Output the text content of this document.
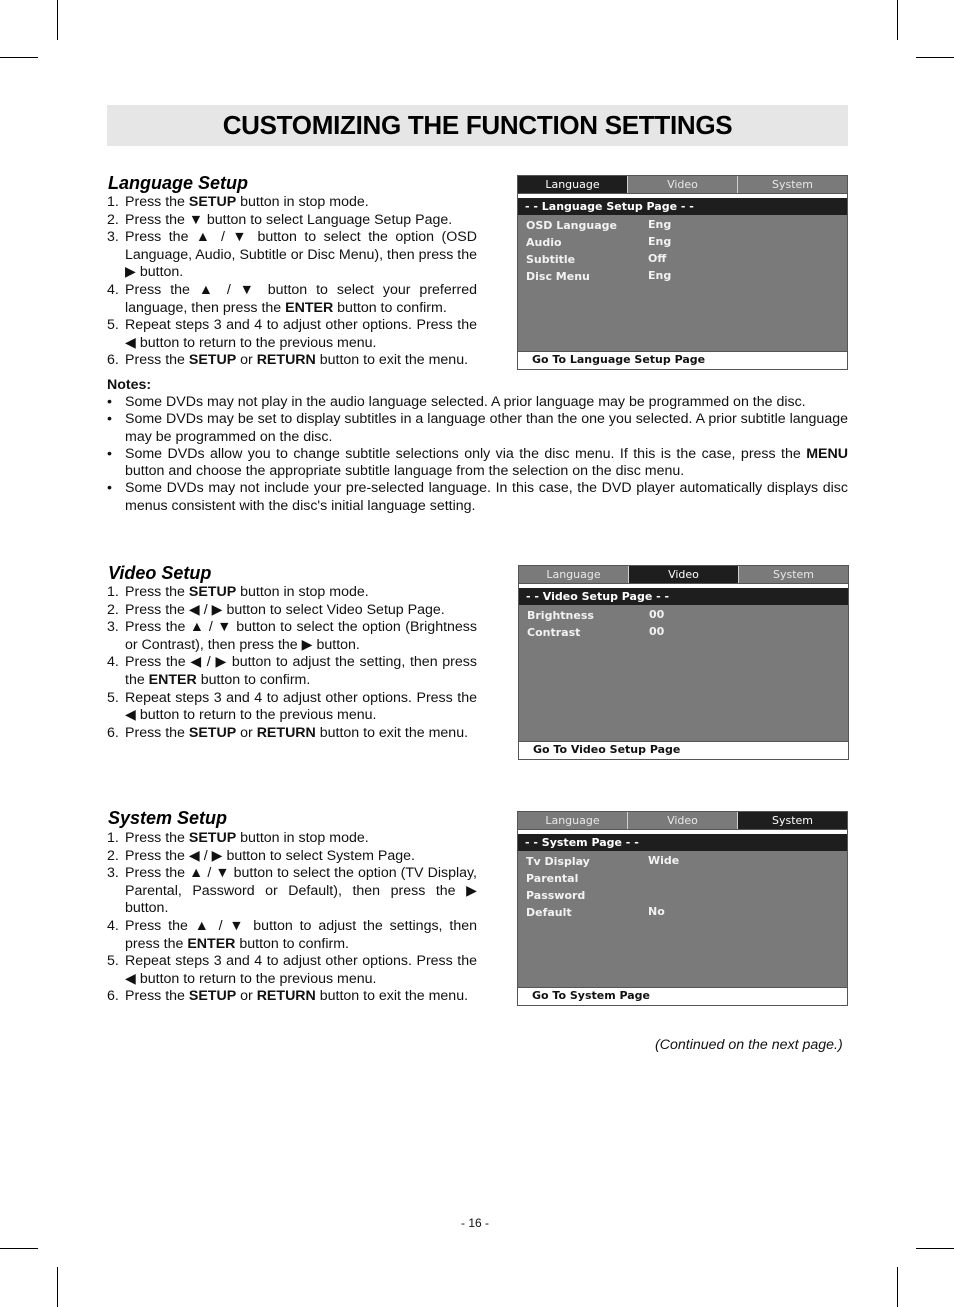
CUSTOMIZING THE FUNCTION SETTINGS
Language Setup
1. Press the SETUP button in stop mode.
2. Press the ▼ button to select Language Setup Page.
3. Press the ▲ / ▼ button to select the option (OSD Language, Audio, Subtitle or Disc Menu), then press the ▶ button.
4. Press the ▲ / ▼ button to select your preferred language, then press the ENTER button to confirm.
5. Repeat steps 3 and 4 to adjust other options. Press the ◀ button to return to the previous menu.
6. Press the SETUP or RETURN button to exit the menu.
Language	Video	System
- - Language Setup Page - -
OSD Language	Eng
Audio	Eng
Subtitle	Off
Disc Menu	Eng
Go To Language Setup Page
Notes:
• Some DVDs may not play in the audio language selected. A prior language may be programmed on the disc.
• Some DVDs may be set to display subtitles in a language other than the one you selected. A prior subtitle language may be programmed on the disc.
• Some DVDs allow you to change subtitle selections only via the disc menu. If this is the case, press the MENU button and choose the appropriate subtitle language from the selection on the disc menu.
• Some DVDs may not include your pre-selected language. In this case, the DVD player automatically displays disc menus consistent with the disc's initial language setting.
Video Setup
1. Press the SETUP button in stop mode.
2. Press the ◀ / ▶ button to select Video Setup Page.
3. Press the ▲ / ▼ button to select the option (Brightness or Contrast), then press the ▶ button.
4. Press the ◀ / ▶ button to adjust the setting, then press the ENTER button to confirm.
5. Repeat steps 3 and 4 to adjust other options. Press the ◀ button to return to the previous menu.
6. Press the SETUP or RETURN button to exit the menu.
Language	Video	System
- - Video Setup Page - -
Brightness	00
Contrast	00
Go To Video Setup Page
System Setup
1. Press the SETUP button in stop mode.
2. Press the ◀ / ▶ button to select System Page.
3. Press the ▲ / ▼ button to select the option (TV Display, Parental, Password or Default), then press the ▶ button.
4. Press the ▲ / ▼ button to adjust the settings, then press the ENTER button to confirm.
5. Repeat steps 3 and 4 to adjust other options. Press the ◀ button to return to the previous menu.
6. Press the SETUP or RETURN button to exit the menu.
Language	Video	System
- - System Page - -
Tv Display	Wide
Parental
Password
Default	No
Go To System Page
(Continued on the next page.)
- 16 -
